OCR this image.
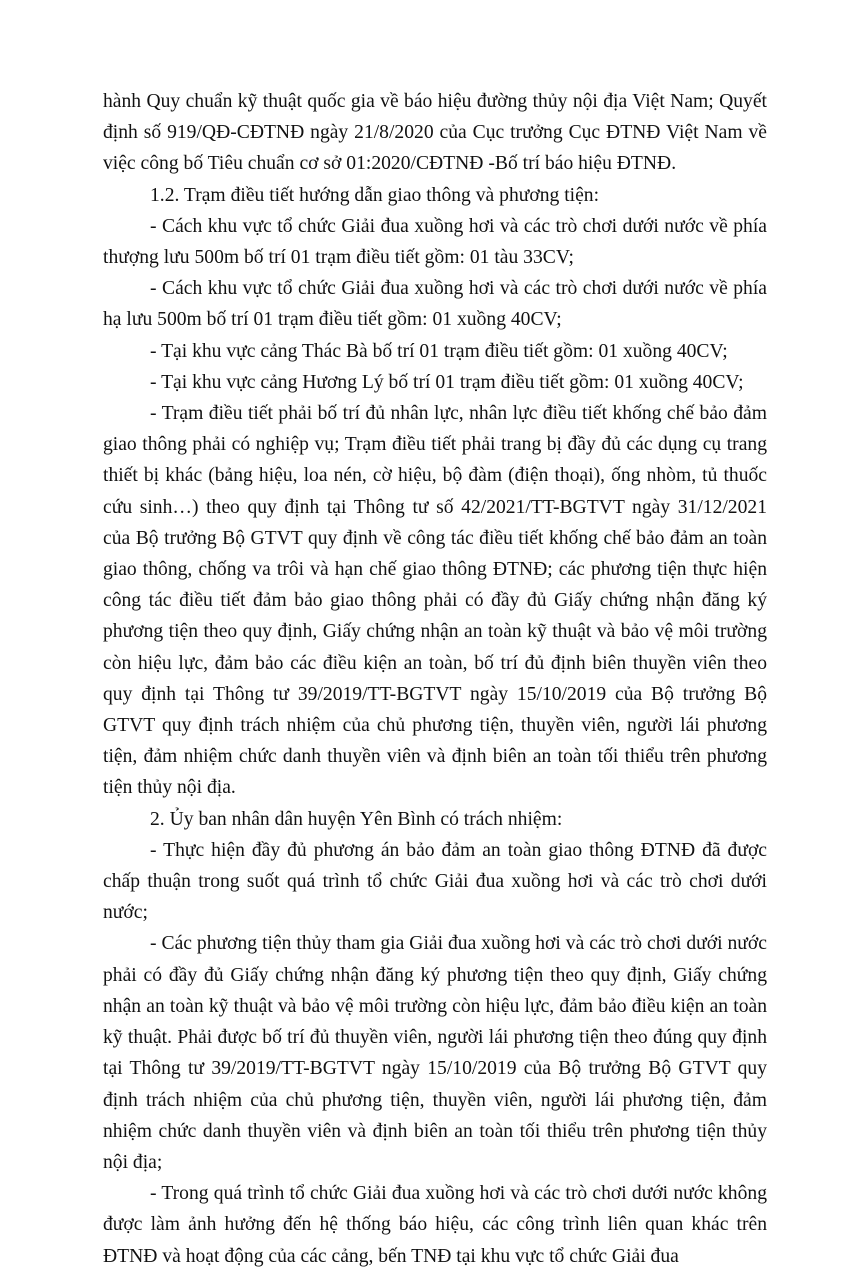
hành Quy chuẩn kỹ thuật quốc gia về báo hiệu đường thủy nội địa Việt Nam; Quyết định số 919/QĐ-CĐTNĐ ngày 21/8/2020 của Cục trưởng Cục ĐTNĐ Việt Nam về việc công bố Tiêu chuẩn cơ sở 01:2020/CĐTNĐ -Bố trí báo hiệu ĐTNĐ.

1.2. Trạm điều tiết hướng dẫn giao thông và phương tiện:

- Cách khu vực tổ chức Giải đua xuồng hơi và các trò chơi dưới nước về phía thượng lưu 500m bố trí 01 trạm điều tiết gồm: 01 tàu 33CV;

- Cách khu vực tổ chức Giải đua xuồng hơi và các trò chơi dưới nước về phía hạ lưu 500m bố trí 01 trạm điều tiết gồm: 01 xuồng 40CV;

- Tại khu vực cảng Thác Bà bố trí 01 trạm điều tiết gồm: 01 xuồng 40CV;

- Tại khu vực cảng Hương Lý bố trí 01 trạm điều tiết gồm: 01 xuồng 40CV;

- Trạm điều tiết phải bố trí đủ nhân lực, nhân lực điều tiết khống chế bảo đảm giao thông phải có nghiệp vụ; Trạm điều tiết phải trang bị đầy đủ các dụng cụ trang thiết bị khác (bảng hiệu, loa nén, cờ hiệu, bộ đàm (điện thoại), ống nhòm, tủ thuốc cứu sinh…) theo quy định tại Thông tư số 42/2021/TT-BGTVT ngày 31/12/2021 của Bộ trưởng Bộ GTVT quy định về công tác điều tiết khống chế bảo đảm an toàn giao thông, chống va trôi và hạn chế giao thông ĐTNĐ; các phương tiện thực hiện công tác điều tiết đảm bảo giao thông phải có đầy đủ Giấy chứng nhận đăng ký phương tiện theo quy định, Giấy chứng nhận an toàn kỹ thuật và bảo vệ môi trường còn hiệu lực, đảm bảo các điều kiện an toàn, bố trí đủ định biên thuyền viên theo quy định tại Thông tư 39/2019/TT-BGTVT ngày 15/10/2019 của Bộ trưởng Bộ GTVT quy định trách nhiệm của chủ phương tiện, thuyền viên, người lái phương tiện, đảm nhiệm chức danh thuyền viên và định biên an toàn tối thiểu trên phương tiện thủy nội địa.

2. Ủy ban nhân dân huyện Yên Bình có trách nhiệm:

- Thực hiện đầy đủ phương án bảo đảm an toàn giao thông ĐTNĐ đã được chấp thuận trong suốt quá trình tổ chức Giải đua xuồng hơi và các trò chơi dưới nước;

- Các phương tiện thủy tham gia Giải đua xuồng hơi và các trò chơi dưới nước phải có đầy đủ Giấy chứng nhận đăng ký phương tiện theo quy định, Giấy chứng nhận an toàn kỹ thuật và bảo vệ môi trường còn hiệu lực, đảm bảo điều kiện an toàn kỹ thuật. Phải được bố trí đủ thuyền viên, người lái phương tiện theo đúng quy định tại Thông tư 39/2019/TT-BGTVT ngày 15/10/2019 của Bộ trưởng Bộ GTVT quy định trách nhiệm của chủ phương tiện, thuyền viên, người lái phương tiện, đảm nhiệm chức danh thuyền viên và định biên an toàn tối thiểu trên phương tiện thủy nội địa;

- Trong quá trình tổ chức Giải đua xuồng hơi và các trò chơi dưới nước không được làm ảnh hưởng đến hệ thống báo hiệu, các công trình liên quan khác trên ĐTNĐ và hoạt động của các cảng, bến TNĐ tại khu vực tổ chức Giải đua
